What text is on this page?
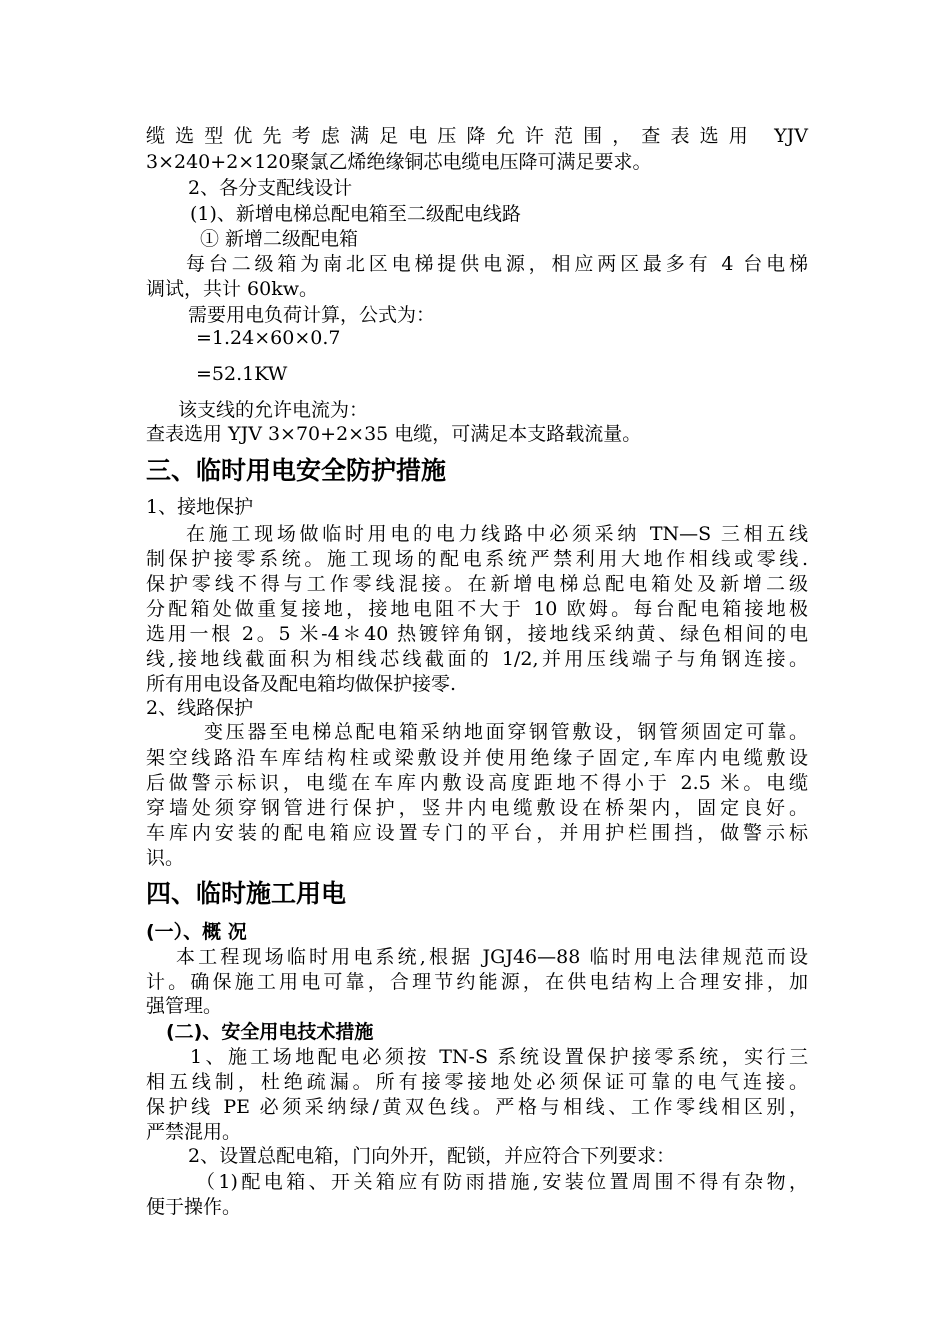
缆选型优先考虑满足电压降允许范围，查表选用 YJV
3×240+2×120聚氯乙烯绝缘铜芯电缆电压降可满足要求。
2、各分支配线设计
(1)、新增电梯总配电箱至二级配电线路
① 新增二级配电箱
每台二级箱为南北区电梯提供电源，相应两区最多有 4 台电梯
调试，共计 60kw。
需要用电负荷计算，公式为：
=1.24×60×0.7
=52.1KW
该支线的允许电流为：
查表选用 YJV 3×70+2×35 电缆，可满足本支路载流量。
三、临时用电安全防护措施
1、接地保护
在施工现场做临时用电的电力线路中必须采纳 TN—S 三相五线
制保护接零系统。施工现场的配电系统严禁利用大地作相线或零线.
保护零线不得与工作零线混接。在新增电梯总配电箱处及新增二级
分配箱处做重复接地，接地电阻不大于 10 欧姆。每台配电箱接地极
选用一根 2。5 米-4＊40 热镀锌角钢，接地线采纳黄、绿色相间的电
线,接地线截面积为相线芯线截面的 1/2,并用压线端子与角钢连接。
所有用电设备及配电箱均做保护接零.
2、线路保护
变压器至电梯总配电箱采纳地面穿钢管敷设，钢管须固定可靠。
架空线路沿车库结构柱或梁敷设并使用绝缘子固定,车库内电缆敷设
后做警示标识，电缆在车库内敷设高度距地不得小于 2.5 米。电缆
穿墙处须穿钢管进行保护，竖井内电缆敷设在桥架内，固定良好。
车库内安装的配电箱应设置专门的平台，并用护栏围挡，做警示标
识。
四、临时施工用电
(一）、概 况
本工程现场临时用电系统,根据 JGJ46—88 临时用电法律规范而设
计。确保施工用电可靠，合理节约能源，在供电结构上合理安排，加
强管理。
(二)、安全用电技术措施
1、施工场地配电必须按 TN-S 系统设置保护接零系统，实行三
相五线制，杜绝疏漏。所有接零接地处必须保证可靠的电气连接。
保护线 PE 必须采纳绿/黄双色线。严格与相线、工作零线相区别，
严禁混用。
2、设置总配电箱，门向外开，配锁，并应符合下列要求：
（1)配电箱、开关箱应有防雨措施,安装位置周围不得有杂物，
便于操作。
